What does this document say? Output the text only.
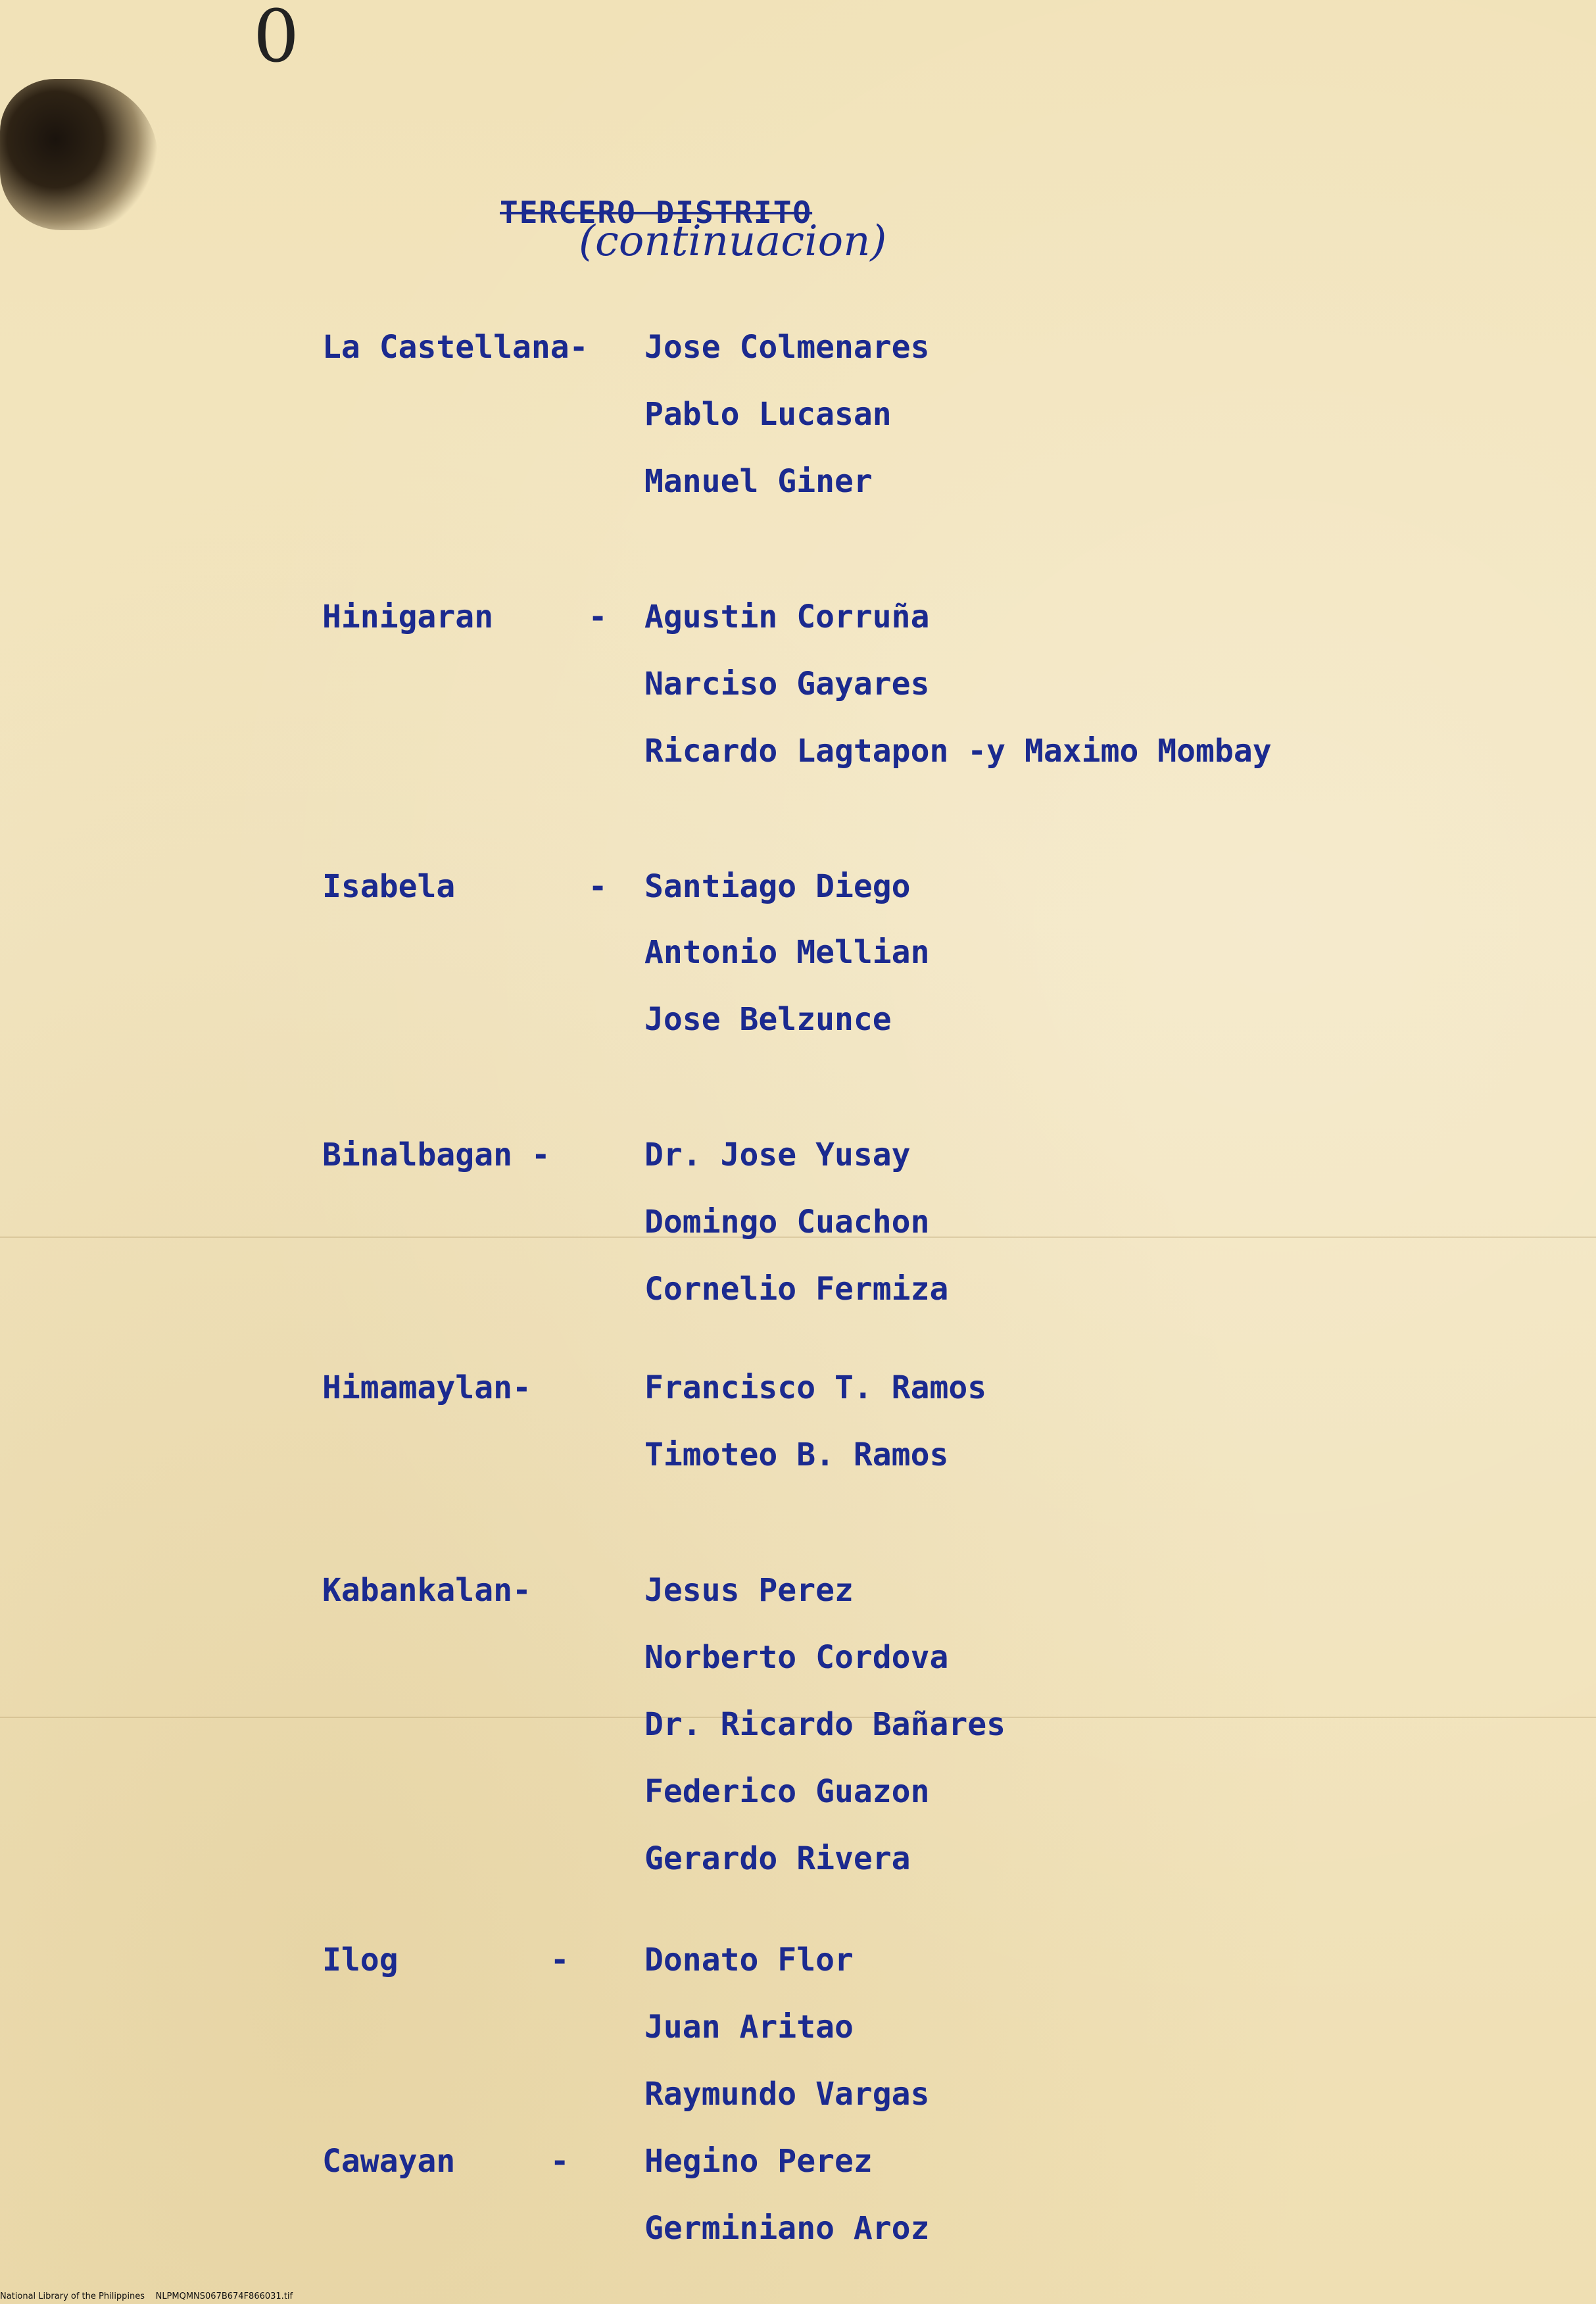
0
TERCERO DISTRITO
(continuacion)
La Castellana- Jose Colmenares
Pablo Lucasan
Manuel Giner
Hinigaran     - Agustin Corruña
Narciso Gayares
Ricardo Lagtapon -y Maximo Mombay
Isabela       - Santiago Diego
Antonio Mellian
Jose Belzunce
Binalbagan -	Dr. Jose Yusay
Domingo Cuachon
Cornelio Fermiza
Himamaylan-	Francisco T. Ramos
Timoteo B. Ramos
Kabankalan-	Jesus Perez
Norberto Cordova
Dr. Ricardo Bañares
Federico Guazon
Gerardo Rivera
Ilog        - Donato Flor
Juan Aritao
Raymundo Vargas
Cawayan     - Hegino Perez
Germiniano Aroz
National Library of the Philippines    NLPMQMNS067B674F866031.tif
